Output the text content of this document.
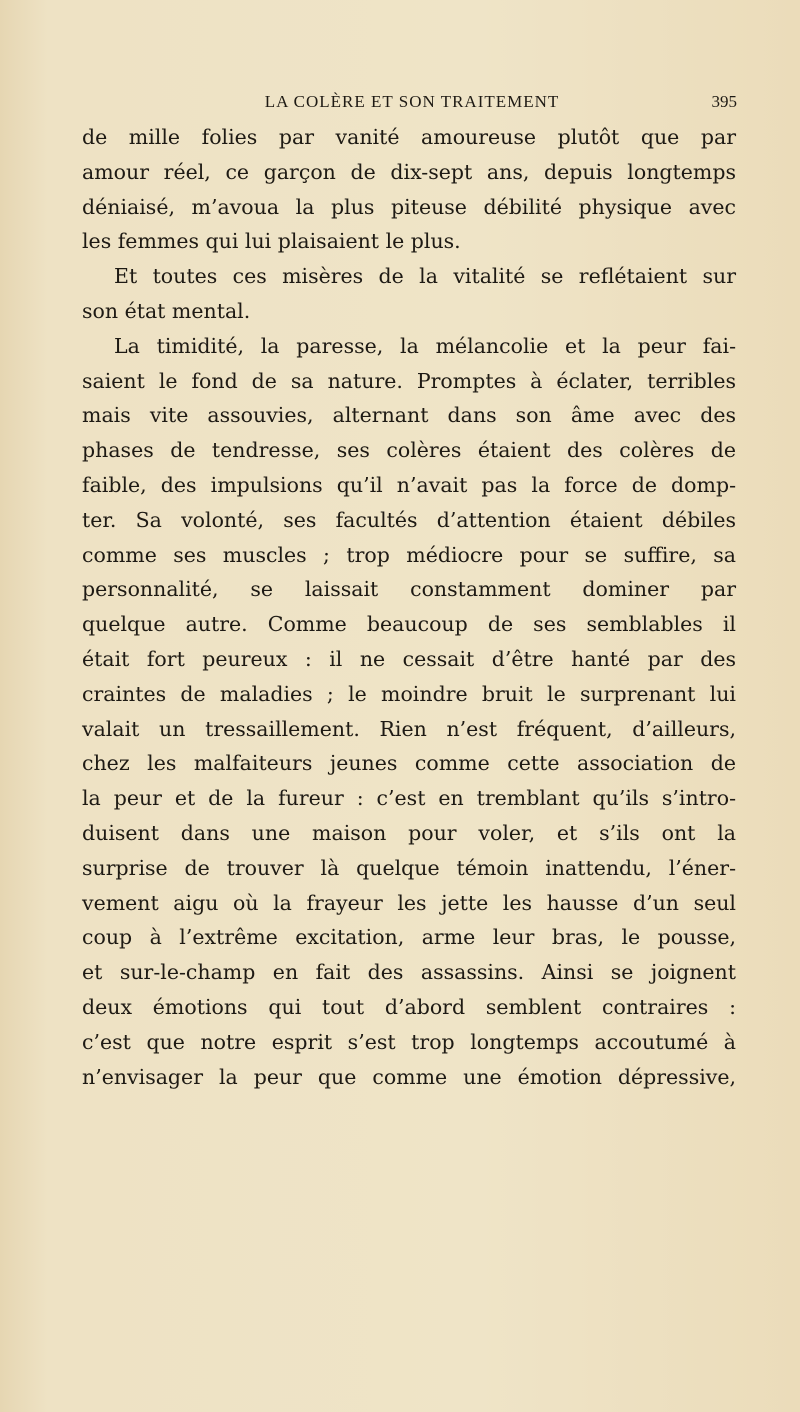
LA COLÈRE ET SON TRAITEMENT	395
de mille folies par vanité amoureuse plutôt que par
amour réel, ce garçon de dix-sept ans, depuis longtemps
déniaisé, m’avoua la plus piteuse débilité physique avec
les femmes qui lui plaisaient le plus.
Et toutes ces misères de la vitalité se reflétaient sur
son état mental.
La timidité, la paresse, la mélancolie et la peur fai-
saient le fond de sa nature. Promptes à éclater, terribles
mais vite assouvies, alternant dans son âme avec des
phases de tendresse, ses colères étaient des colères de
faible, des impulsions qu’il n’avait pas la force de domp-
ter. Sa volonté, ses facultés d’attention étaient débiles
comme ses muscles ; trop médiocre pour se suffire, sa
personnalité, se laissait constamment dominer par
quelque autre. Comme beaucoup de ses semblables il
était fort peureux : il ne cessait d’être hanté par des
craintes de maladies ; le moindre bruit le surprenant lui
valait un tressaillement. Rien n’est fréquent, d’ailleurs,
chez les malfaiteurs jeunes comme cette association de
la peur et de la fureur : c’est en tremblant qu’ils s’intro-
duisent dans une maison pour voler, et s’ils ont la
surprise de trouver là quelque témoin inattendu, l’éner-
vement aigu où la frayeur les jette les hausse d’un seul
coup à l’extrême excitation, arme leur bras, le pousse,
et sur-le-champ en fait des assassins. Ainsi se joignent
deux émotions qui tout d’abord semblent contraires :
c’est que notre esprit s’est trop longtemps accoutumé à
n’envisager la peur que comme une émotion dépressive,
